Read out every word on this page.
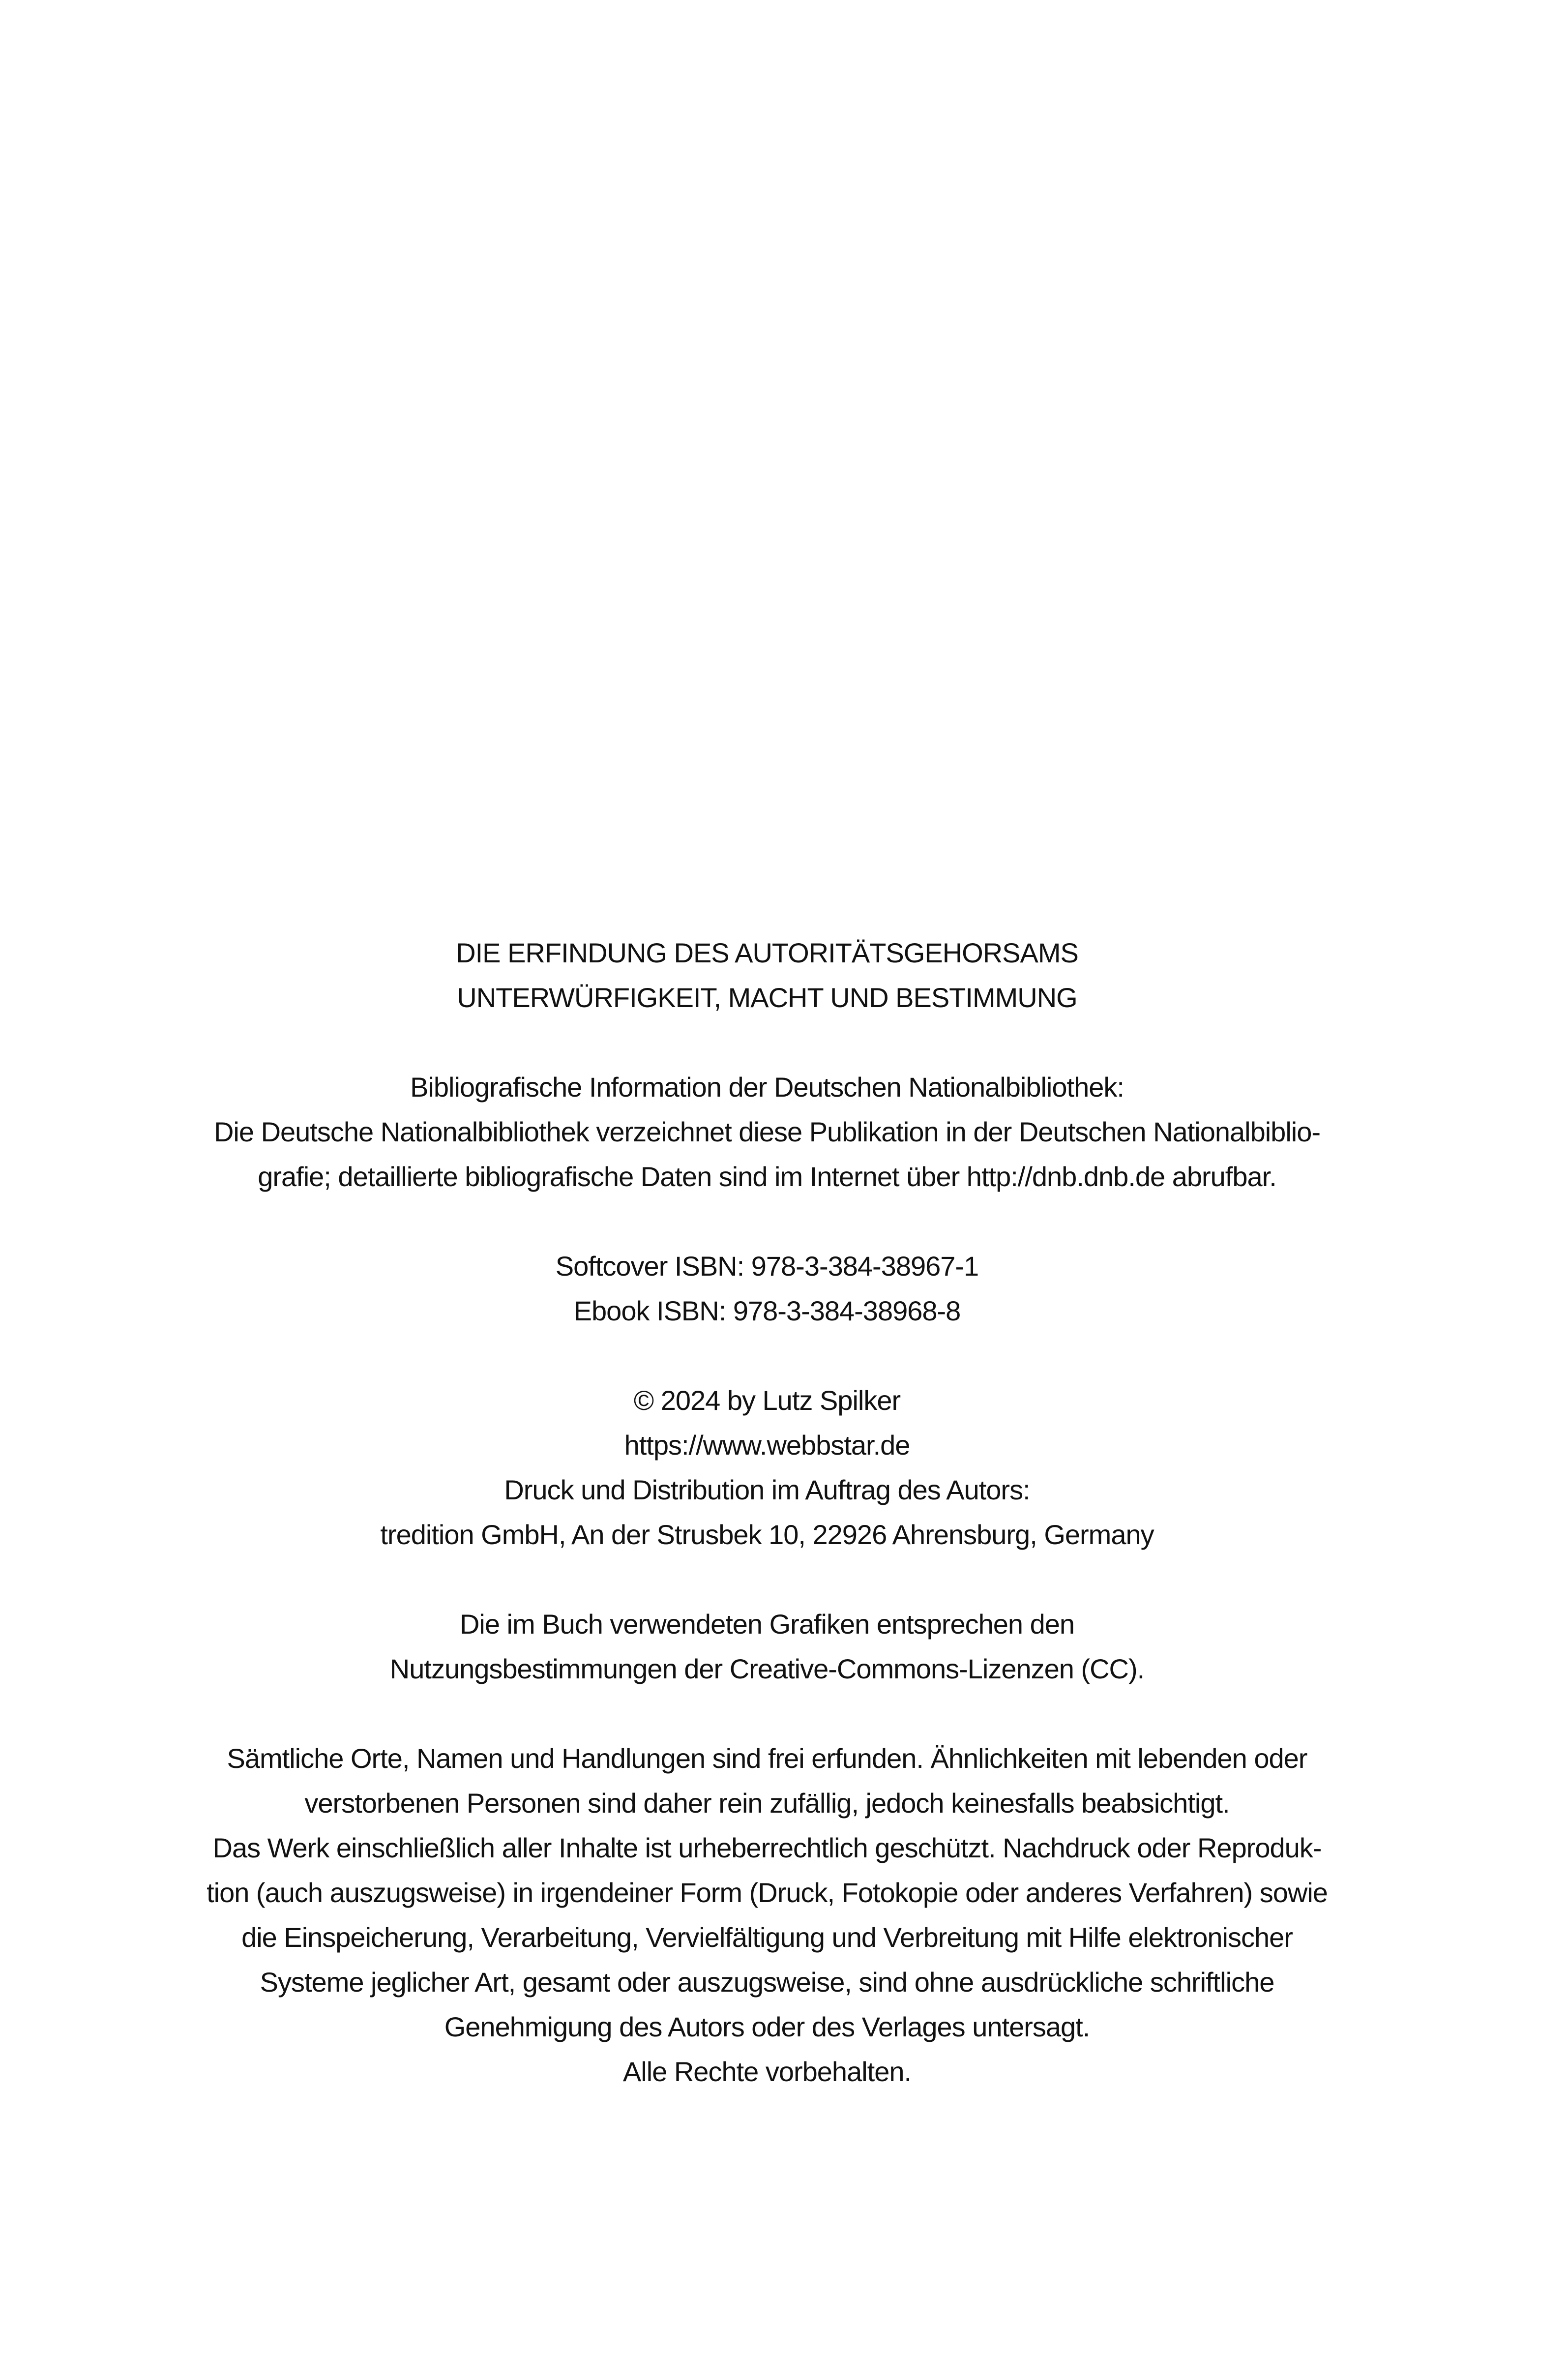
DIE ERFINDUNG DES AUTORITÄTSGEHORSAMS
UNTERWÜRFIGKEIT, MACHT UND BESTIMMUNG
Bibliografische Information der Deutschen Nationalbibliothek:
Die Deutsche Nationalbibliothek verzeichnet diese Publikation in der Deutschen Nationalbiblio-
grafie; detaillierte bibliografische Daten sind im Internet über http://dnb.dnb.de abrufbar.
Softcover ISBN: 978-3-384-38967-1
Ebook ISBN: 978-3-384-38968-8
© 2024 by Lutz Spilker
https://www.webbstar.de
Druck und Distribution im Auftrag des Autors:
tredition GmbH, An der Strusbek 10, 22926 Ahrensburg, Germany
Die im Buch verwendeten Grafiken entsprechen den
Nutzungsbestimmungen der Creative-Commons-Lizenzen (CC).
Sämtliche Orte, Namen und Handlungen sind frei erfunden. Ähnlichkeiten mit lebenden oder
verstorbenen Personen sind daher rein zufällig, jedoch keinesfalls beabsichtigt.
Das Werk einschließlich aller Inhalte ist urheberrechtlich geschützt. Nachdruck oder Reproduk-
tion (auch auszugsweise) in irgendeiner Form (Druck, Fotokopie oder anderes Verfahren) sowie
die Einspeicherung, Verarbeitung, Vervielfältigung und Verbreitung mit Hilfe elektronischer
Systeme jeglicher Art, gesamt oder auszugsweise, sind ohne ausdrückliche schriftliche
Genehmigung des Autors oder des Verlages untersagt.
Alle Rechte vorbehalten.
